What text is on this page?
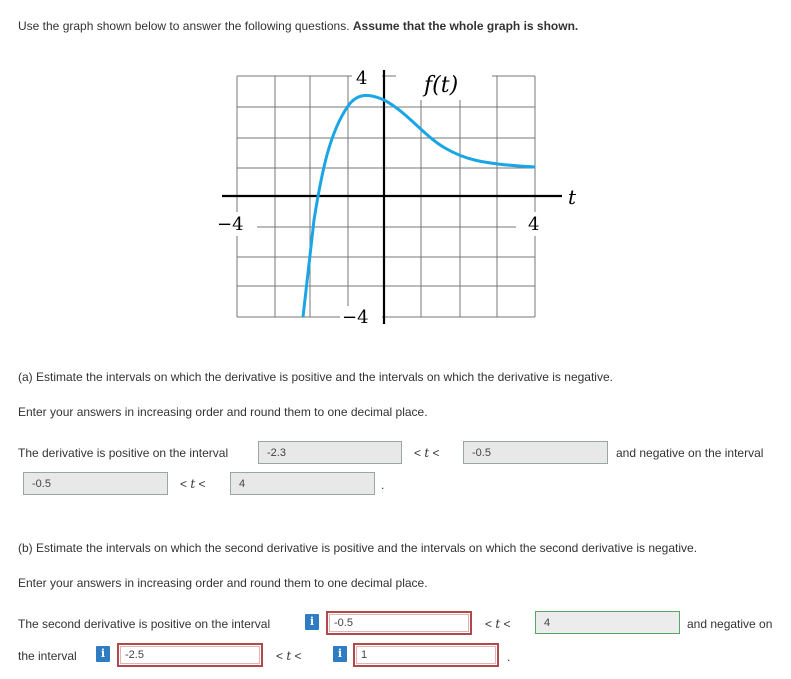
Use the graph shown below to answer the following questions. Assume that the whole graph is shown.
f(t)
t
4
−4	4
−4
(a) Estimate the intervals on which the derivative is positive and the intervals on which the derivative is negative.
Enter your answers in increasing order and round them to one decimal place.
The derivative is positive on the interval	-2.3	< t <	-0.5	and negative on the interval
-0.5	< t <	4	.
(b) Estimate the intervals on which the second derivative is positive and the intervals on which the second derivative is negative.
Enter your answers in increasing order and round them to one decimal place.
The second derivative is positive on the interval	i	-0.5	< t <	4	and negative on
the interval	i	-2.5	< t <	i	1	.
